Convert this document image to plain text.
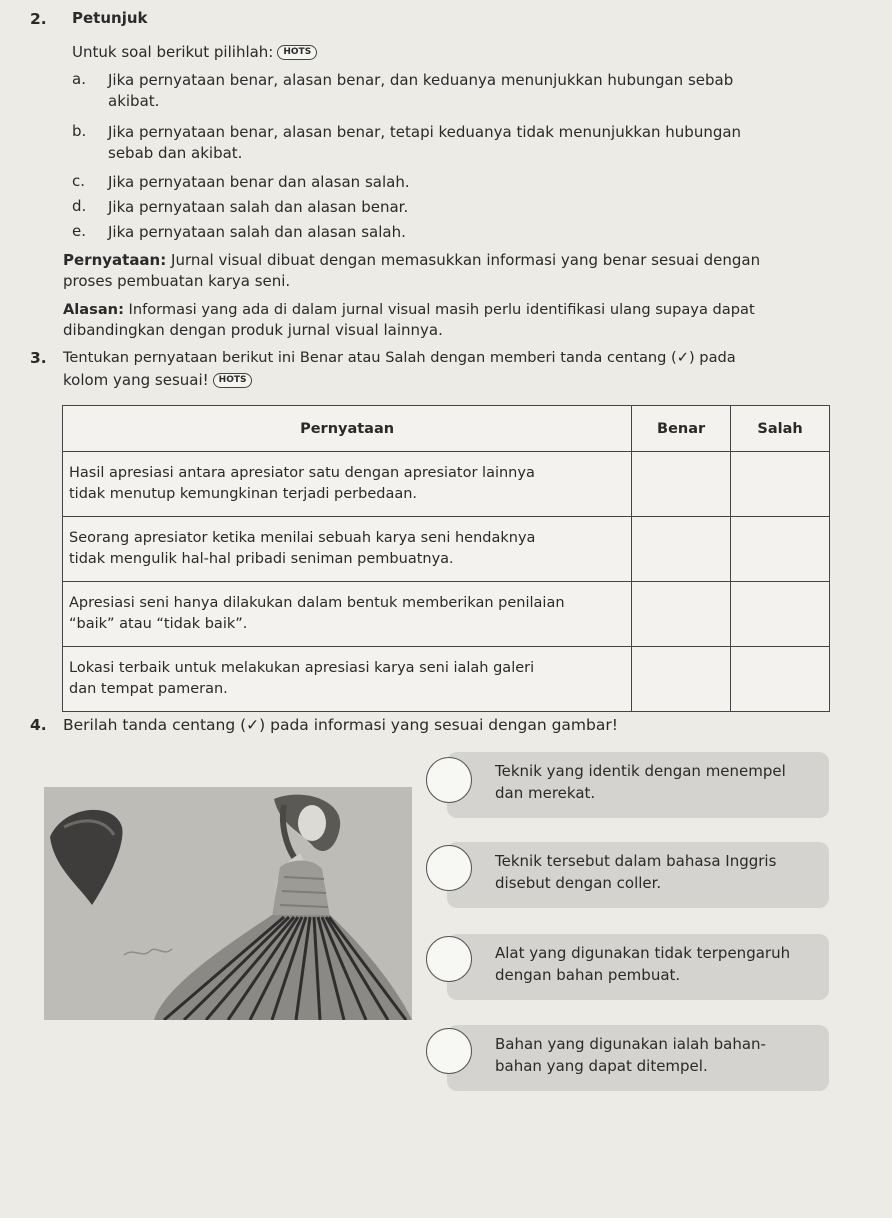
2. Petunjuk
Untuk soal berikut pilihlah: HOTS
a. Jika pernyataan benar, alasan benar, dan keduanya menunjukkan hubungan sebab
akibat.
b. Jika pernyataan benar, alasan benar, tetapi keduanya tidak menunjukkan hubungan
sebab dan akibat.
c. Jika pernyataan benar dan alasan salah.
d. Jika pernyataan salah dan alasan benar.
e. Jika pernyataan salah dan alasan salah.
Pernyataan: Jurnal visual dibuat dengan memasukkan informasi yang benar sesuai dengan
proses pembuatan karya seni.
Alasan: Informasi yang ada di dalam jurnal visual masih perlu identifikasi ulang supaya dapat
dibandingkan dengan produk jurnal visual lainnya.
3. Tentukan pernyataan berikut ini Benar atau Salah dengan memberi tanda centang (✓) pada
kolom yang sesuai! HOTS
Pernyataan	Benar	Salah

Hasil apresiasi antara apresiator satu dengan apresiator lainnya
tidak menutup kemungkinan terjadi perbedaan.		

Seorang apresiator ketika menilai sebuah karya seni hendaknya
tidak mengulik hal-hal pribadi seniman pembuatnya.		

Apresiasi seni hanya dilakukan dalam bentuk memberikan penilaian
“baik” atau “tidak baik”.		

Lokasi terbaik untuk melakukan apresiasi karya seni ialah galeri
dan tempat pameran.		

4. Berilah tanda centang (✓) pada informasi yang sesuai dengan gambar!
Teknik yang identik dengan menempel
dan merekat.
Teknik tersebut dalam bahasa Inggris
disebut dengan coller.
Alat yang digunakan tidak terpengaruh
dengan bahan pembuat.
Bahan yang digunakan ialah bahan-
bahan yang dapat ditempel.
